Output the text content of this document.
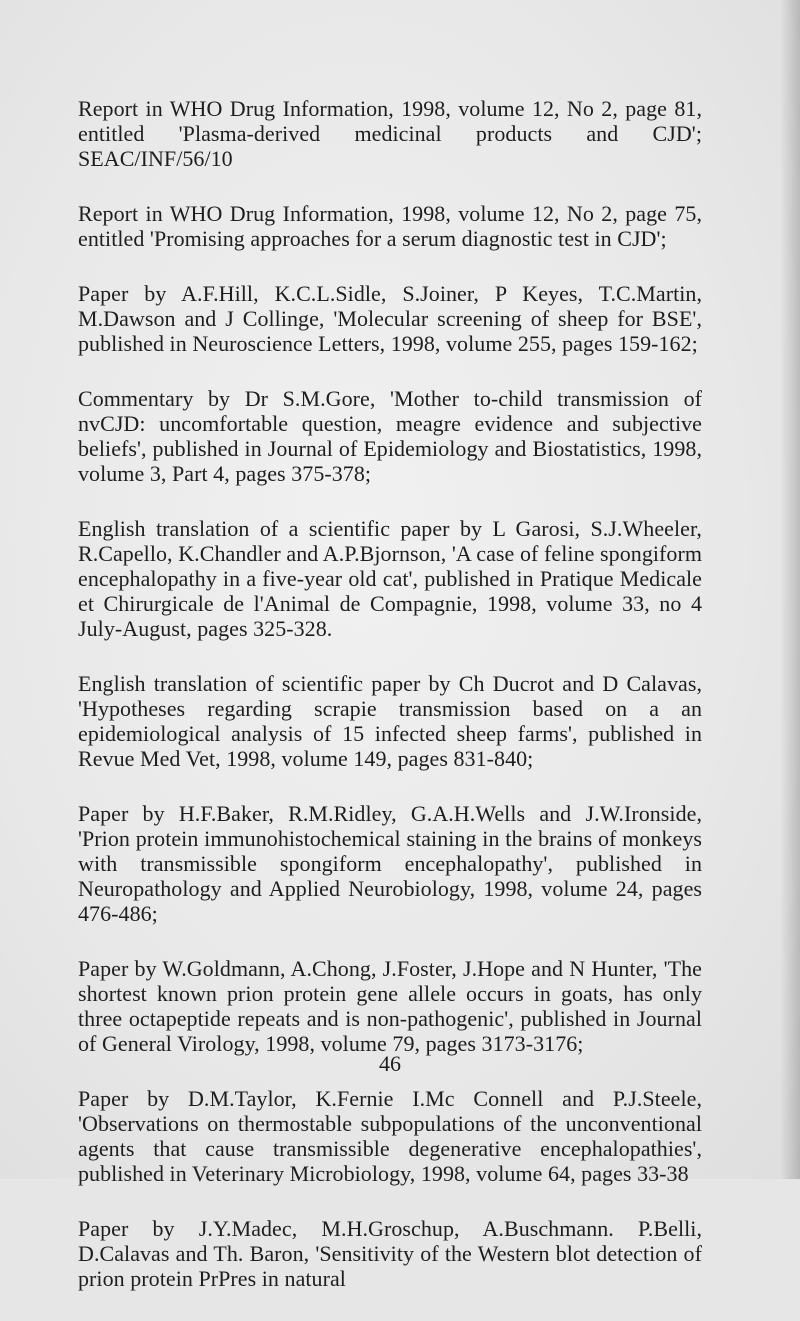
Report in WHO Drug Information, 1998, volume 12, No 2, page 81, entitled 'Plasma-derived medicinal products and CJD'; SEAC/INF/56/10

Report in WHO Drug Information, 1998, volume 12, No 2, page 75, entitled 'Promising approaches for a serum diagnostic test in CJD';

Paper by A.F.Hill, K.C.L.Sidle, S.Joiner, P Keyes, T.C.Martin, M.Dawson and J Collinge, 'Molecular screening of sheep for BSE', published in Neuroscience Letters, 1998, volume 255, pages 159-162;

Commentary by Dr S.M.Gore, 'Mother to-child transmission of nvCJD: uncomfortable question, meagre evidence and subjective beliefs', published in Journal of Epidemiology and Biostatistics, 1998, volume 3, Part 4, pages 375-378;

English translation of a scientific paper by L Garosi, S.J.Wheeler, R.Capello, K.Chandler and A.P.Bjornson, 'A case of feline spongiform encephalopathy in a five-year old cat', published in Pratique Medicale et Chirurgicale de l'Animal de Compagnie, 1998, volume 33, no 4 July-August, pages 325-328.

English translation of scientific paper by Ch Ducrot and D Calavas, 'Hypotheses regarding scrapie transmission based on a an epidemiological analysis of 15 infected sheep farms', published in Revue Med Vet, 1998, volume 149, pages 831-840;

Paper by H.F.Baker, R.M.Ridley, G.A.H.Wells and J.W.Ironside, 'Prion protein immunohistochemical staining in the brains of monkeys with transmissible spongiform encephalopathy', published in Neuropathology and Applied Neurobiology, 1998, volume 24, pages 476-486;

Paper by W.Goldmann, A.Chong, J.Foster, J.Hope and N Hunter, 'The shortest known prion protein gene allele occurs in goats, has only three octapeptide repeats and is non-pathogenic', published in Journal of General Virology, 1998, volume 79, pages 3173-3176;

Paper by D.M.Taylor, K.Fernie I.Mc Connell and P.J.Steele, 'Observations on thermostable subpopulations of the unconventional agents that cause transmissible degenerative encephalopathies', published in Veterinary Microbiology, 1998, volume 64, pages 33-38

Paper by J.Y.Madec, M.H.Groschup, A.Buschmann. P.Belli, D.Calavas and Th. Baron, 'Sensitivity of the Western blot detection of prion protein PrPres in natural

46
